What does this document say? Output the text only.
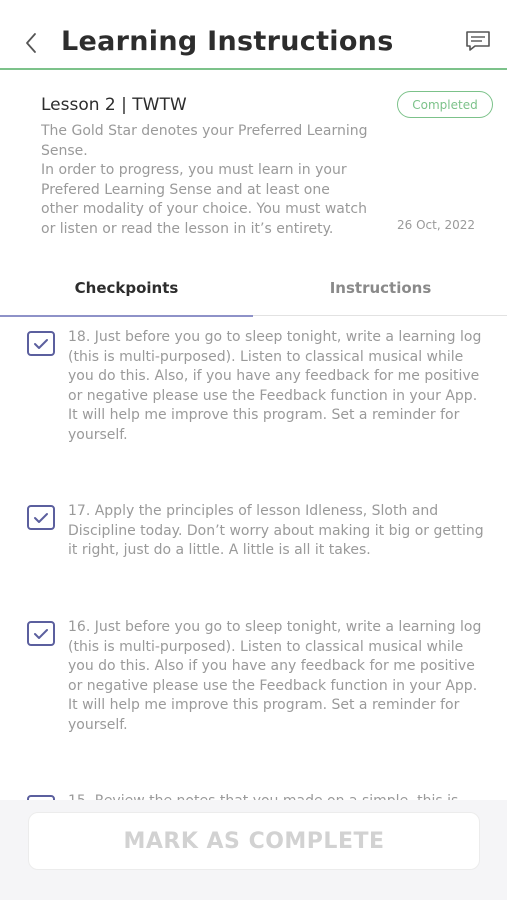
Learning Instructions
Lesson 2 | TWTW	Completed
The Gold Star denotes your Preferred Learning Sense.
In order to progress, you must learn in your Prefered Learning Sense and at least one other modality of your choice. You must watch or listen or read the lesson in it’s entirety.	26 Oct, 2022
Checkpoints	Instructions
18. Just before you go to sleep tonight, write a learning log (this is multi-purposed). Listen to classical musical while you do this. Also, if you have any feedback for me positive or negative please use the Feedback function in your App. It will help me improve this program. Set a reminder for yourself.
17. Apply the principles of lesson Idleness, Sloth and Discipline today. Don’t worry about making it big or getting it right, just do a little. A little is all it takes.
16. Just before you go to sleep tonight, write a learning log (this is multi-purposed). Listen to classical musical while you do this. Also if you have any feedback for me positive or negative please use the Feedback function in your App. It will help me improve this program. Set a reminder for yourself.
MARK AS COMPLETE
